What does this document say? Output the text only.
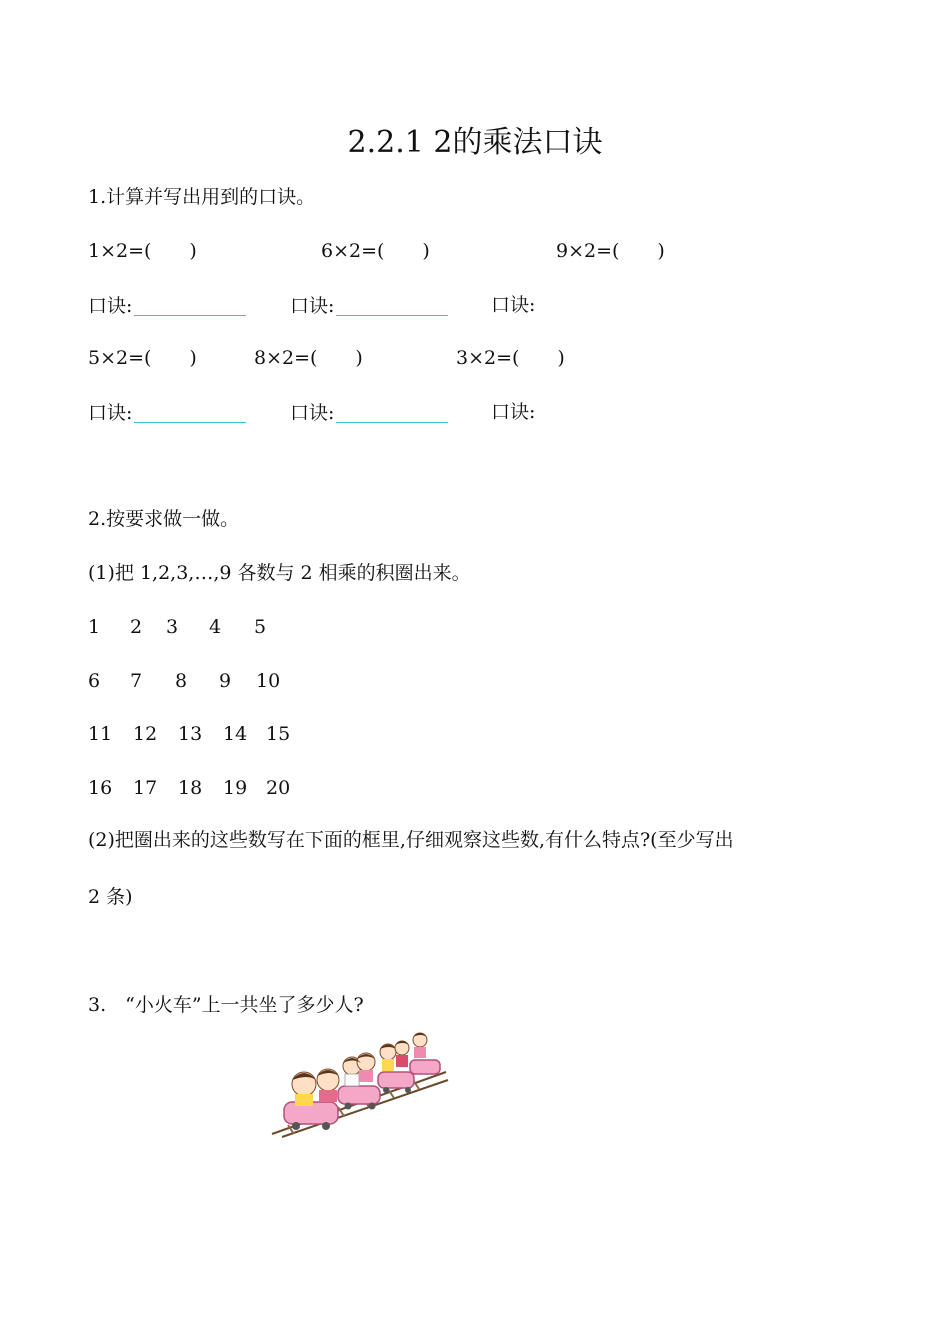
2.2.1 2的乘法口诀
1.计算并写出用到的口诀。
1×2=(　　)	6×2=(　　)	9×2=(　　)
口诀:	口诀:	口诀:
5×2=(　　)	8×2=(　　)	3×2=(　　)
口诀:	口诀:	口诀:
2.按要求做一做。
(1)把 1,2,3,…,9 各数与 2 相乘的积圈出来。
1 2 3 4 5
6 7 8 9 10
11 12 13 14 15
16 17 18 19 20
(2)把圈出来的这些数写在下面的框里,仔细观察这些数,有什么特点?(至少写出
2 条)
3.　“小火车”上一共坐了多少人?
